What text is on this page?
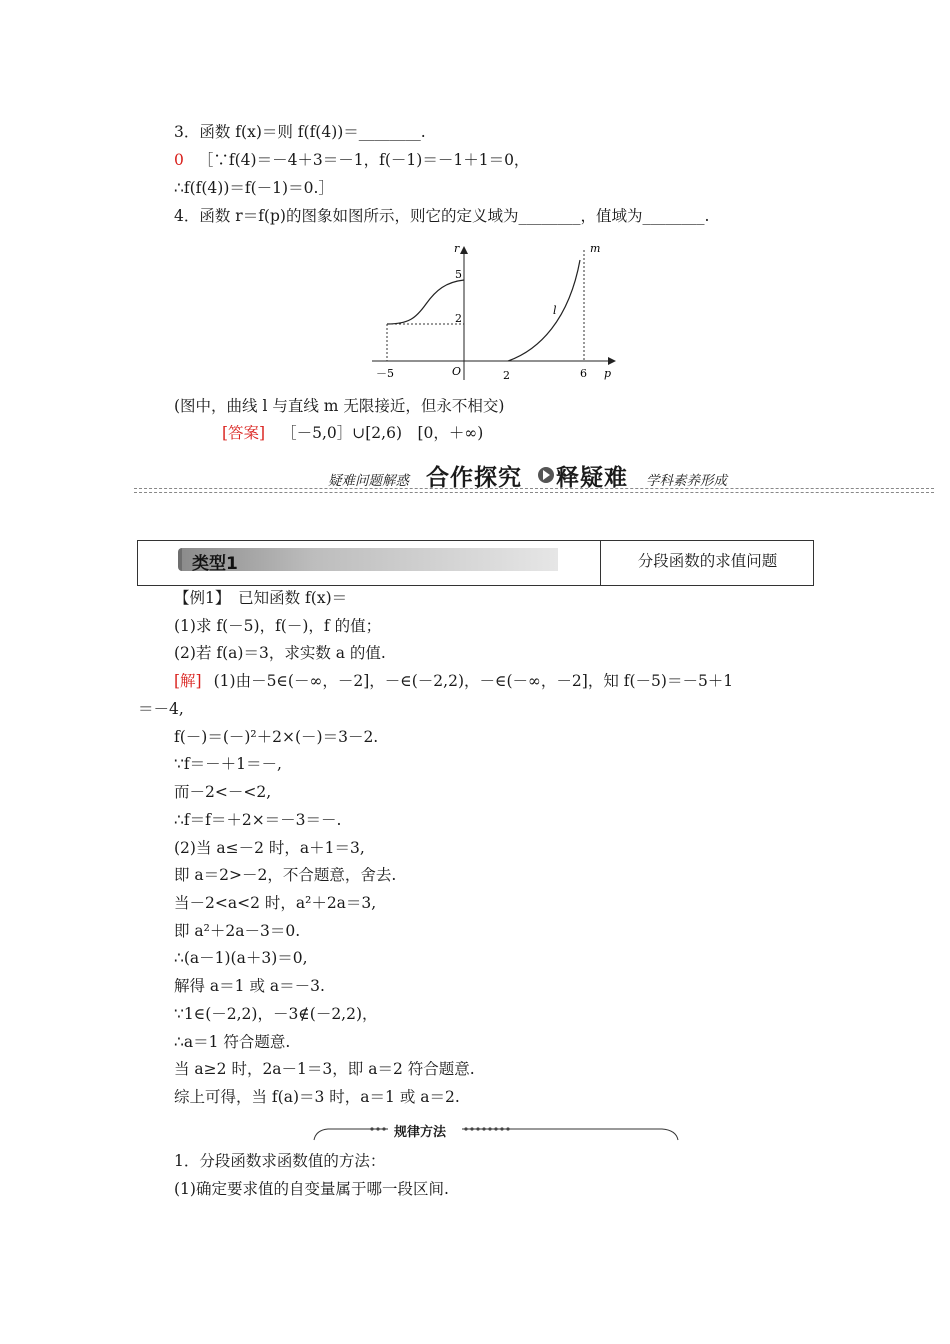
3．函数 f(x)＝则 f(f(4))＝________.
0 ［∵f(4)＝－4＋3＝－1，f(－1)＝－1＋1＝0，
∴f(f(4))＝f(－1)＝0.］
4．函数 r＝f(p)的图象如图所示，则它的定义域为________，值域为________.
r
p
m
l
O
5
2
－5	2	6
(图中，曲线 l 与直线 m 无限接近，但永不相交)
[答案] ［－5,0］∪[2,6)　[0，＋∞)
疑难问题解惑 合作探究 释疑难 学科素养形成
类型1	分段函数的求值问题
【例1】　已知函数 f(x)＝
(1)求 f(－5)，f(－)，f 的值；
(2)若 f(a)＝3，求实数 a 的值.
[解] (1)由－5∈(－∞，－2]，－∈(－2,2)，－∈(－∞，－2]，知 f(－5)＝－5＋1
＝－4,
f(－)＝(－)²＋2×(－)＝3－2.
∵f＝－＋1＝－,
而－2<－<2,
∴f＝f＝＋2×＝－3＝－.
(2)当 a≤－2 时，a＋1＝3,
即 a＝2>－2，不合题意，舍去.
当－2<a<2 时，a²＋2a＝3,
即 a²＋2a－3＝0.
∴(a－1)(a＋3)＝0,
解得 a＝1 或 a＝－3.
∵1∈(－2,2)，－3∉(－2,2)，
∴a＝1 符合题意.
当 a≥2 时，2a－1＝3，即 a＝2 符合题意.
综上可得，当 f(a)＝3 时，a＝1 或 a＝2.
规律方法
1．分段函数求函数值的方法：
(1)确定要求值的自变量属于哪一段区间.
